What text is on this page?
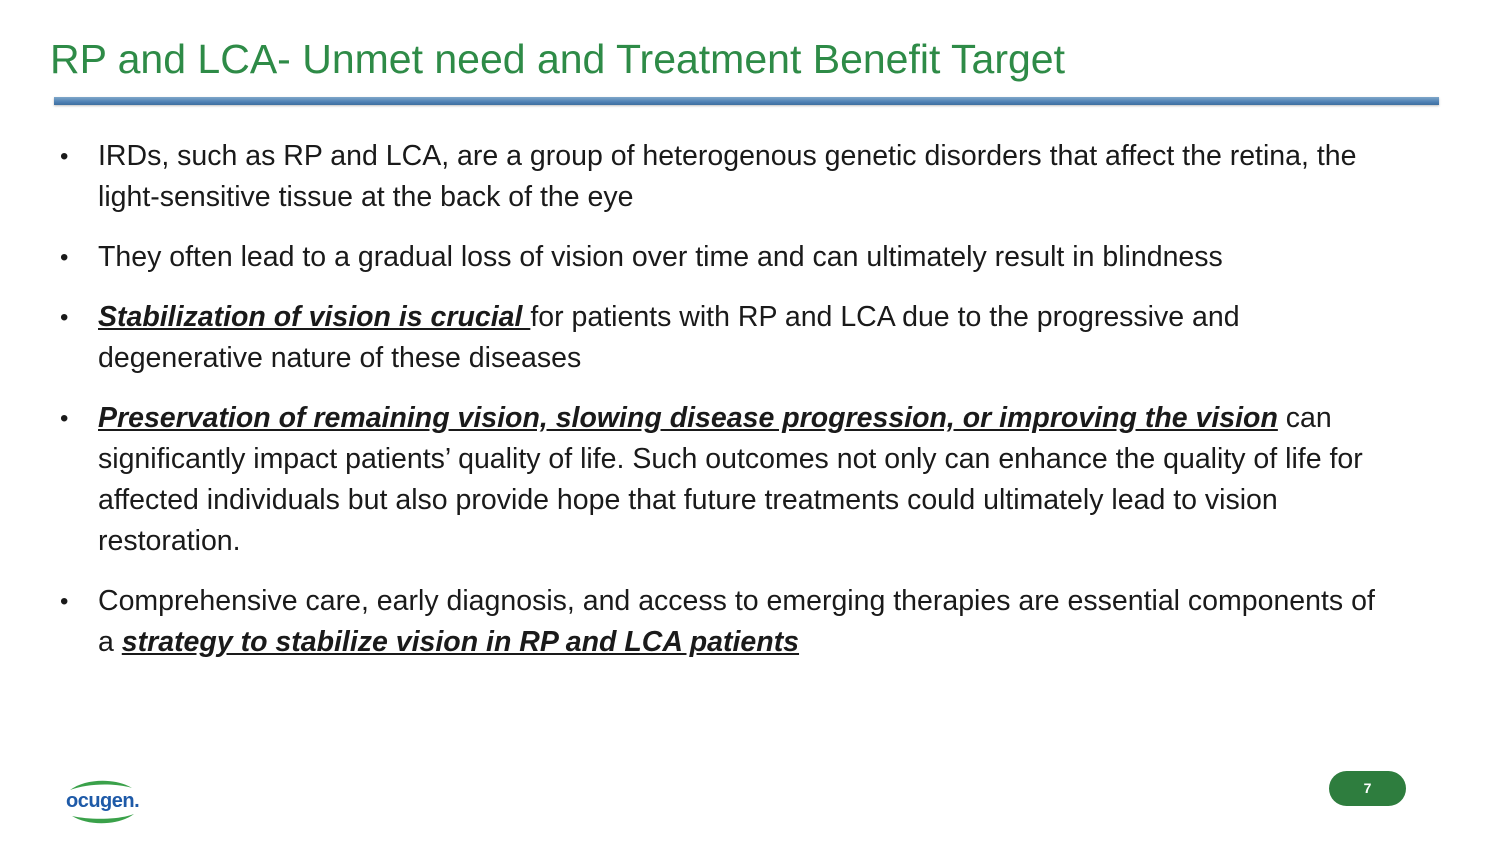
RP and LCA- Unmet need and Treatment Benefit Target
• IRDs, such as RP and LCA, are a group of heterogenous genetic disorders that affect the retina, the light-sensitive tissue at the back of the eye
• They often lead to a gradual loss of vision over time and can ultimately result in blindness
• Stabilization of vision is crucial for patients with RP and LCA due to the progressive and degenerative nature of these diseases
• Preservation of remaining vision, slowing disease progression, or improving the vision can significantly impact patients’ quality of life. Such outcomes not only can enhance the quality of life for affected individuals but also provide hope that future treatments could ultimately lead to vision restoration.
• Comprehensive care, early diagnosis, and access to emerging therapies are essential components of a strategy to stabilize vision in RP and LCA patients
ocugen.
7
